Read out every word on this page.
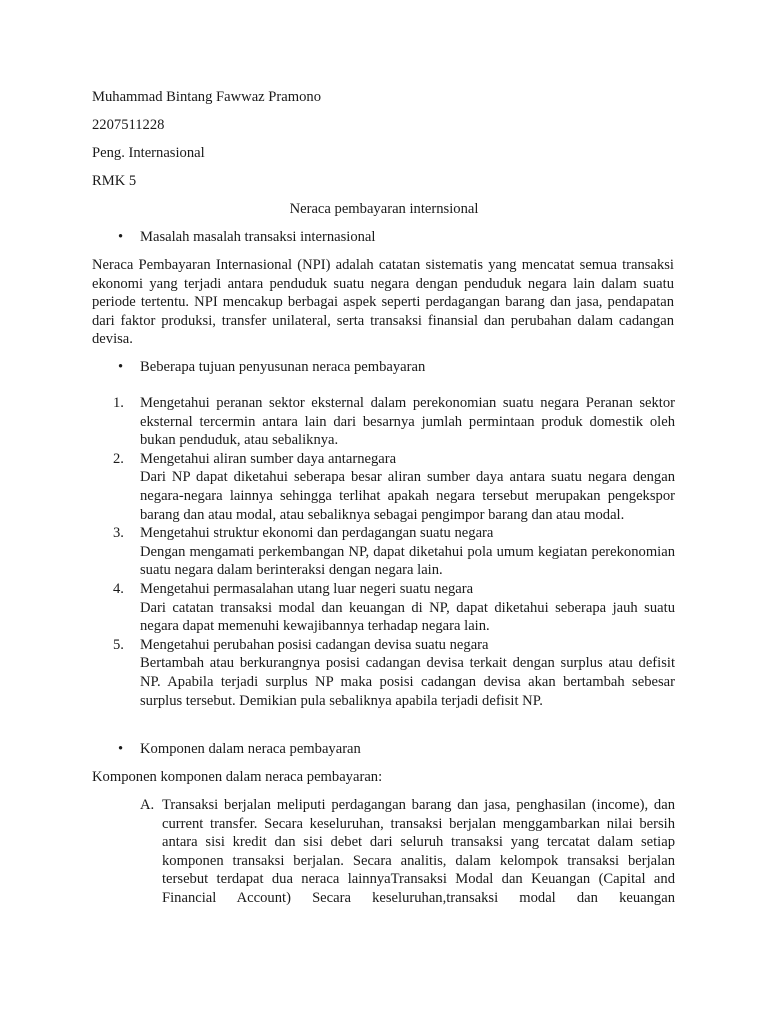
Muhammad Bintang Fawwaz Pramono
2207511228
Peng. Internasional
RMK 5
Neraca pembayaran internsional
• Masalah masalah transaksi internasional
Neraca Pembayaran Internasional (NPI) adalah catatan sistematis yang mencatat semua transaksi ekonomi yang terjadi antara penduduk suatu negara dengan penduduk negara lain dalam suatu periode tertentu. NPI mencakup berbagai aspek seperti perdagangan barang dan jasa, pendapatan dari faktor produksi, transfer unilateral, serta transaksi finansial dan perubahan dalam cadangan devisa.
• Beberapa tujuan penyusunan neraca pembayaran
1. Mengetahui peranan sektor eksternal dalam perekonomian suatu negara Peranan sektor eksternal tercermin antara lain dari besarnya jumlah permintaan produk domestik oleh bukan penduduk, atau sebaliknya.
2. Mengetahui aliran sumber daya antarnegara
Dari NP dapat diketahui seberapa besar aliran sumber daya antara suatu negara dengan negara-negara lainnya sehingga terlihat apakah negara tersebut merupakan pengekspor barang dan atau modal, atau sebaliknya sebagai pengimpor barang dan atau modal.
3. Mengetahui struktur ekonomi dan perdagangan suatu negara
Dengan mengamati perkembangan NP, dapat diketahui pola umum kegiatan perekonomian suatu negara dalam berinteraksi dengan negara lain.
4. Mengetahui permasalahan utang luar negeri suatu negara
Dari catatan transaksi modal dan keuangan di NP, dapat diketahui seberapa jauh suatu negara dapat memenuhi kewajibannya terhadap negara lain.
5. Mengetahui perubahan posisi cadangan devisa suatu negara
Bertambah atau berkurangnya posisi cadangan devisa terkait dengan surplus atau defisit NP. Apabila terjadi surplus NP maka posisi cadangan devisa akan bertambah sebesar surplus tersebut. Demikian pula sebaliknya apabila terjadi defisit NP.
• Komponen dalam neraca pembayaran
Komponen komponen dalam neraca pembayaran:
A. Transaksi berjalan meliputi perdagangan barang dan jasa, penghasilan (income), dan current transfer. Secara keseluruhan, transaksi berjalan menggambarkan nilai bersih antara sisi kredit dan sisi debet dari seluruh transaksi yang tercatat dalam setiap komponen transaksi berjalan. Secara analitis, dalam kelompok transaksi berjalan tersebut terdapat dua neraca lainnyaTransaksi Modal dan Keuangan (Capital and Financial Account) Secara keseluruhan,transaksi modal dan keuangan
